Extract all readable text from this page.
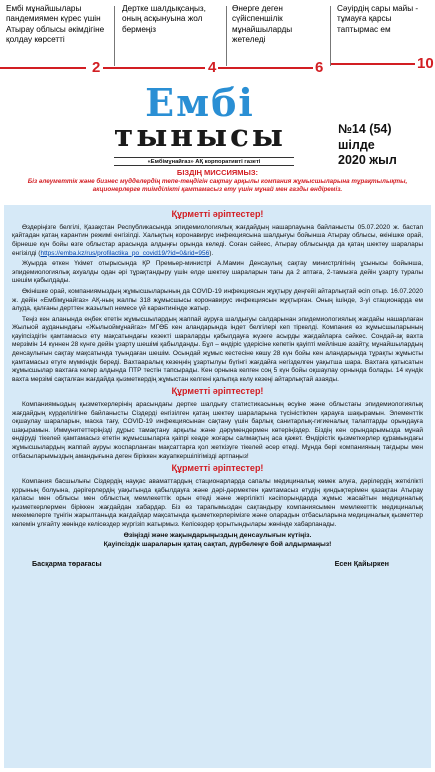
Ембі мұнайшылары пандемиямен күрес үшін Атырау облысы әкімдігіне қолдау көрсетті
2
Дертке шалдықсаңыз, оның асқынуына жол бермеңіз
4
Өнерге деген сүйіспеншілік мұнайшыларды жетеледі
6
Сәуірдің сары майы - тұмауға қарсы таптырмас ем
10
Ембі
тынысы
«Ембімұнайгаз» АҚ корпоративті газеті
№14 (54)
шілде
2020 жыл
БІЗДІҢ МИССИЯМЫЗ:
Біз әлеуметтік және бизнес мүдделердің тепе-теңдігін сақтау арқылы компания жұмысшыларына тұрақтылықты, акционерлерге тиімділікті қамтамасыз ету үшін мұнай мен газды өндіреміз.
Құрметті әріптестер!
Өздеріңізге белгілі, Қазақстан Республикасында эпидемиологиялық жағдайдың нашарлауына байланысты 05.07.2020 ж. бастап қайтадан қатаң карантин режимі енгізілді. Халықтың коронавирус инфекциясына шалдығуы бойынша Атырау облысы, өкінішке орай, бірнеше күн бойы өзге облыстар арасында алдыңғы орында келеді. Соған сәйкес, Атырау облысында да қатаң шектеу шаралары енгізілді (https://emba.kz/rus/profilactika_po_covid19/?id=0&rid=956).
Жуырда өткен Үкімет отырысында ҚР Премьер-министрі А.Мамин Денсаулық сақтау министрлігінің ұсынысы бойынша, эпидемиологиялық ахуалды одан әрі тұрақтандыру үшін елде шектеу шараларын тағы да 2 аптаға, 2-тамызға дейін ұзарту туралы шешім қабылдады.
Өкінішке орай, компаниямыздың жұмысшыларының да COVID-19 инфекциясын жұқтыру деңгейі айтарлықтай өсіп отыр. 16.07.2020 ж. дейін «Ембімұнайгаз» АҚ-ның жалпы 318 жұмысшысы коронавирус инфекциясын жұқтырған. Оның ішінде, 3-уі стационарда ем алуда, қалғаны дерттен жазылып немесе үй карантинінде жатыр.
Теңіз кен аланында еңбек ететін жұмысшылардың жаппай ауруға шалдығуы салдарынан эпидемиологиялық жағдайы нашарлаған Жылыой ауданындағы «Жылыоймұнайгаз» МГӨБ кен аландарында індет белгілері кеп тіркелді. Компания өз жұмысшыларының қауіпсіздігін қамтамасыз ету мақсатындағы кезекті шараларды қабылдауға жүзеге асырды жағдайларға сәйкес. Сондай-ақ вахта мерзімін 14 күннен 28 күнге дейін ұзарту шешімі қабылданды. Бұл – өндіріс үдерісіне кепетін қауіпті мейлінше азайту, мұнайшылардың денсаулығын сақтау мақсатында туындаған шешім. Осындай жұмыс кестесіне көшу 28 күн бойы кен аландарында тұрақты жұмысты қамтамасыз етуге мүмкіндік береді. Вахтааралық кезеңнің ұзартылуы бүгінгі жағдайға негізделген уақытша шара. Вахтаға қатысатын жұмысшылар вахтаға келер алдында ПТР тестін тапсырады. Кен орнына келген соң 5 күн бойы оқшаулау орнында болады. 14 күндік вахта мерзімі сақталған жағдайда қызметкердің жұмыстан келгені қалыпқа келу кезеңі айтарлықтай азаяды.
Құрметті әріптестер!
Компаниямыздың қызметкерлерінің арасындағы дертке шалдығу статистикасының өсуіне және облыстағы эпидемиологиялық жағдайдың күрделілігіне байланысты Сіздерді енгізілген қатаң шектеу шараларына түсіністікпен қарауға шақырамын. Элементтік оқшаулау шараларын, маска тағу, COVID-19 инфекциясынан сақтану үшін барлық санитарлық-гигиеналық талаптарды орындауға шақырамын. Иммунитеттеріңізді дұрыс тамақтану арқылы және дәрумендермен көтеріңіздер. Біздің кен орындарымызда мұнай өндіруді тікелей қамтамасыз ететін жұмысшыларға қаіпрі кеаде жоғары салмақтың аса қажет. Өндірістік қызметкерлер құрамындағы жұмысшылардың жаппай ауруы жоспарланған мақсаттарға қол жеткізуге тікелей әсер етеді. Мұнда бері компанияның тағдыры мен отбасыларымыздың амандығына деген біріккен жауапкершілігімізді артпаңыз!
Құрметті әріптестер!
Компания басшылығы Сіздердің науқас аваматтардың стационарларда сапалы медициналық көмек алуға, дәрілердің жеткілікті қорының болуына, дәрігерлердің уақытында қабылдауға және дәрі-дәрмектен қамтамасыз етудің қиндықтерімен қазақтан Атырау қаласы мен облысы мен облыстық мемлекеттік орын етеді және жергілікті кәсіпорындарда жұмыс жасайтын медициналық қызметкерлермен біріккен жағдайдан хабардар. Біз өз тарапымыздан сақтандыру компаниясымен мемлекеттік медициналық мекемелерге тұнігін жарылтаныда жағдайдар мақсатында қызметкерлерімізге және оларадын отбасыларына медициналық қызметтер көлемін ұлғайту жөнінде келісөздер жүргізіп жатырмыз. Келісөздер қорытындылары жөнінде хабарланады.
Өзіңізді және жақындарыңыздың денсаулығын күтіңіз.
Қауіпсіздік шараларын қатаң сақтап, дүрбелеңге бой алдырмаңыз!
Басқарма төрағасы	Есен Қайыркен
